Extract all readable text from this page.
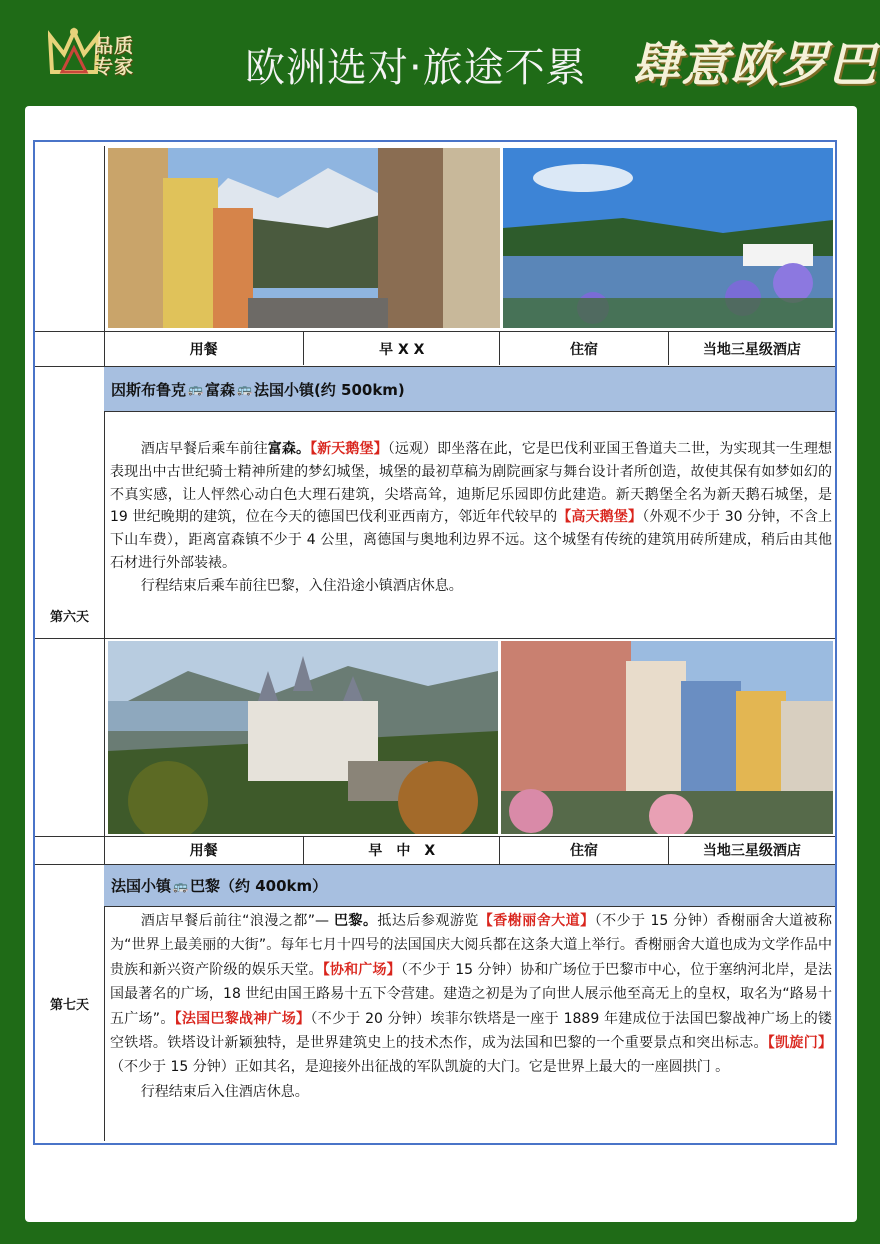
品质
专家	欧洲选对·旅途不累 肆意欧罗巴
用餐	早 X X	住宿	当地三星级酒店
第六天
因斯布鲁克 🚌 富森 🚌 法国小镇(约 500km)

酒店早餐后乘车前往富森。【新天鹅堡】（远观）即坐落在此，它是巴伐利亚国王鲁道夫二世，为实现其一生理想表现出中古世纪骑士精神所建的梦幻城堡，城堡的最初草稿为剧院画家与舞台设计者所创造，故使其保有如梦如幻的不真实感，让人怦然心动白色大理石建筑，尖塔高耸，迪斯尼乐园即仿此建造。新天鹅堡全名为新天鹅石城堡，是 19 世纪晚期的建筑，位在今天的德国巴伐利亚西南方，邻近年代较早的【高天鹅堡】（外观不少于 30 分钟，不含上下山车费），距离富森镇不少于 4 公里，离德国与奥地利边界不远。这个城堡有传统的建筑用砖所建成，稍后由其他石材进行外部装裱。

行程结束后乘车前往巴黎，入住沿途小镇酒店休息。

用餐	早　中　X	住宿	当地三星级酒店
第七天
法国小镇 🚌 巴黎（约 400km）

酒店早餐后前往“浪漫之都”— 巴黎。抵达后参观游览【香榭丽舍大道】（不少于 15 分钟）香榭丽舍大道被称为“世界上最美丽的大街”。每年七月十四号的法国国庆大阅兵都在这条大道上举行。香榭丽舍大道也成为文学作品中贵族和新兴资产阶级的娱乐天堂。【协和广场】（不少于 15 分钟）协和广场位于巴黎市中心，位于塞纳河北岸，是法国最著名的广场，18 世纪由国王路易十五下令营建。建造之初是为了向世人展示他至高无上的皇权，取名为“路易十五广场”。【法国巴黎战神广场】（不少于 20 分钟）埃菲尔铁塔是一座于 1889 年建成位于法国巴黎战神广场上的镂空铁塔。铁塔设计新颖独特，是世界建筑史上的技术杰作，成为法国和巴黎的一个重要景点和突出标志。【凯旋门】（不少于 15 分钟）正如其名，是迎接外出征战的军队凯旋的大门。它是世界上最大的一座圆拱门 。

行程结束后入住酒店休息。
